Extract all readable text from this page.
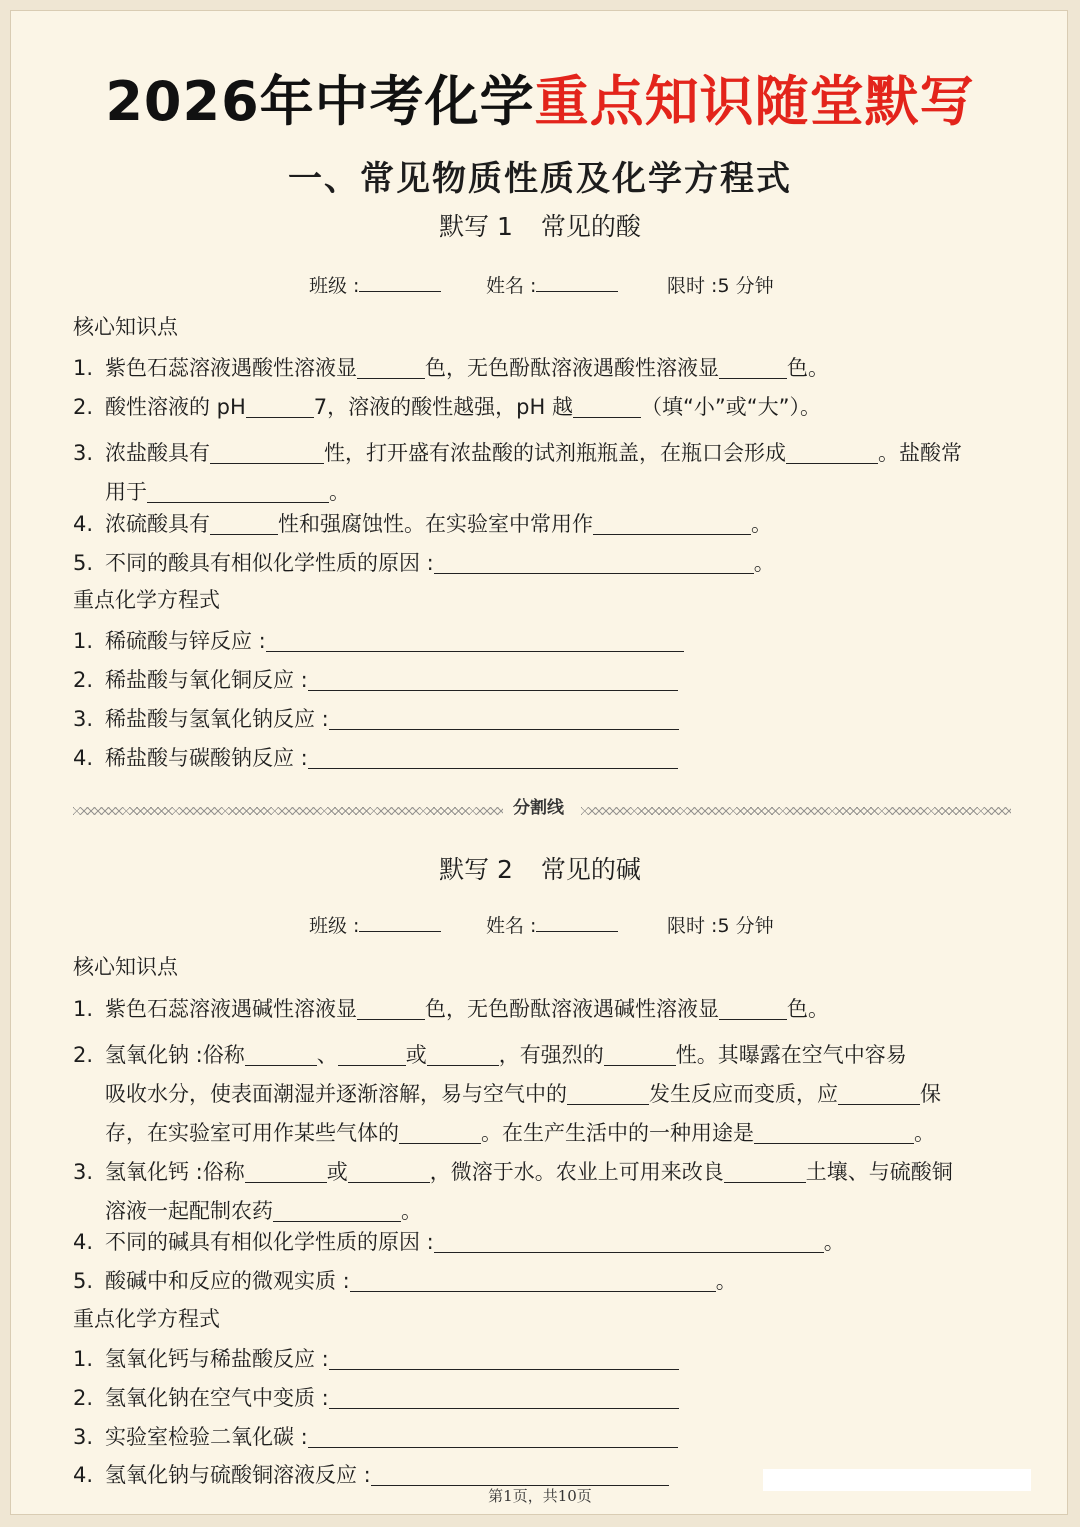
2026年中考化学重点知识随堂默写
一、常见物质性质及化学方程式
默写 1 常见的酸
班级 :	姓名 :	限时 :5 分钟
核心知识点
1. 紫色石蕊溶液遇酸性溶液显	色，无色酚酞溶液遇酸性溶液显	色。
2. 酸性溶液的 pH	7，溶液的酸性越强，pH 越	（填“小”或“大”）。
3. 浓盐酸具有	性，打开盛有浓盐酸的试剂瓶瓶盖，在瓶口会形成	。盐酸常
用于	。
4. 浓硫酸具有	性和强腐蚀性。在实验室中常用作	。
5. 不同的酸具有相似化学性质的原因 :	。
重点化学方程式
1. 稀硫酸与锌反应 :
2. 稀盐酸与氧化铜反应 :
3. 稀盐酸与氢氧化钠反应 :
4. 稀盐酸与碳酸钠反应 :
分割线
默写 2 常见的碱
班级 :	姓名 :	限时 :5 分钟
核心知识点
1. 紫色石蕊溶液遇碱性溶液显	色，无色酚酞溶液遇碱性溶液显	色。
2. 氢氧化钠 :俗称	、	或	，有强烈的	性。其曝露在空气中容易
吸收水分，使表面潮湿并逐渐溶解，易与空气中的	发生反应而变质，应	保
存，在实验室可用作某些气体的	。在生产生活中的一种用途是	。
3. 氢氧化钙 :俗称	或	，微溶于水。农业上可用来改良	土壤、与硫酸铜
溶液一起配制农药	。
4. 不同的碱具有相似化学性质的原因 :	。
5. 酸碱中和反应的微观实质 :	。
重点化学方程式
1. 氢氧化钙与稀盐酸反应 :
2. 氢氧化钠在空气中变质 :
3. 实验室检验二氧化碳 :
4. 氢氧化钠与硫酸铜溶液反应 :
第1页，共10页
